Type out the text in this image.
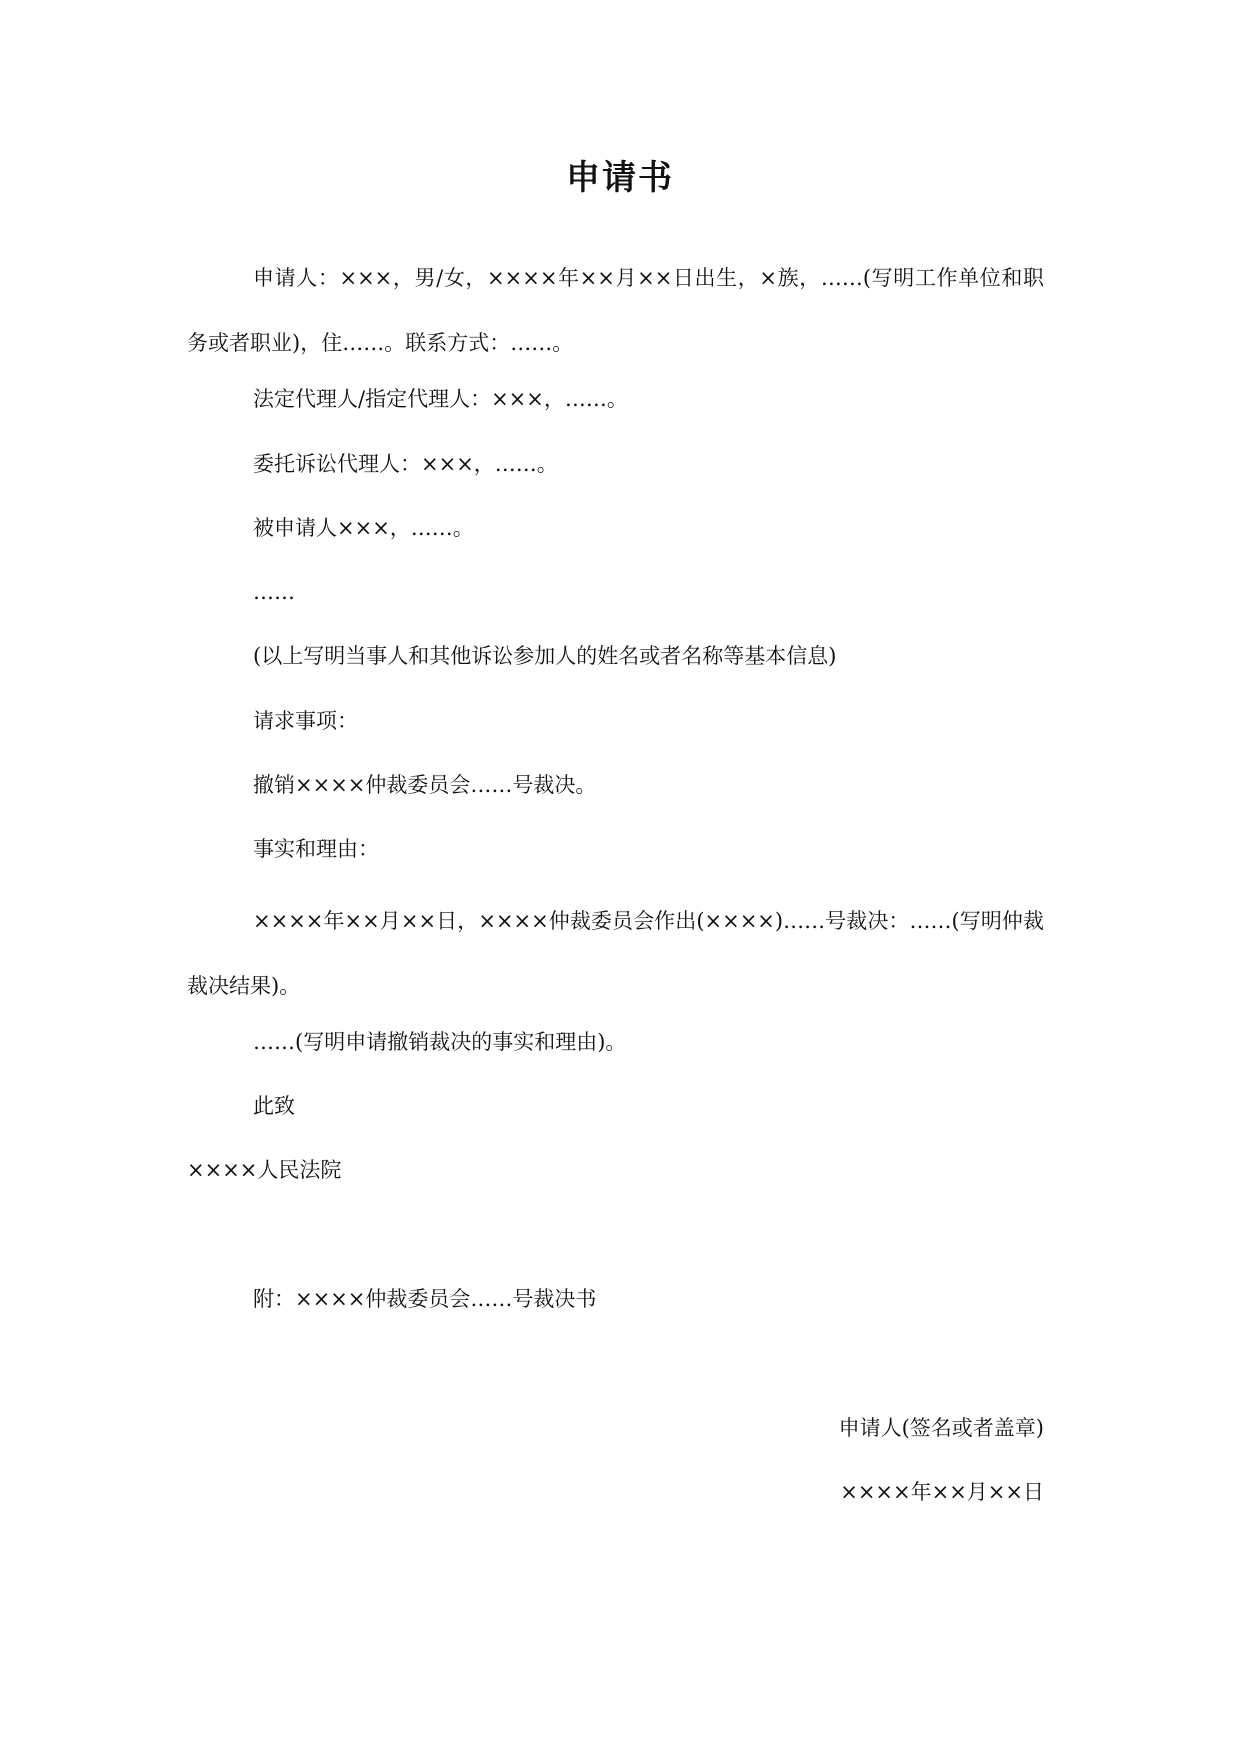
申请书
申请人：×××，男/女，××××年××月××日出生，×族，……(写明工作单位和职务或者职业)，住……。联系方式：……。
法定代理人/指定代理人：×××，……。
委托诉讼代理人：×××，……。
被申请人×××，……。
……
(以上写明当事人和其他诉讼参加人的姓名或者名称等基本信息)
请求事项：
撤销××××仲裁委员会……号裁决。
事实和理由：
××××年××月××日，××××仲裁委员会作出(××××)……号裁决：……(写明仲裁裁决结果)。
……(写明申请撤销裁决的事实和理由)。
此致
××××人民法院
附：××××仲裁委员会……号裁决书
申请人(签名或者盖章)
××××年××月××日
